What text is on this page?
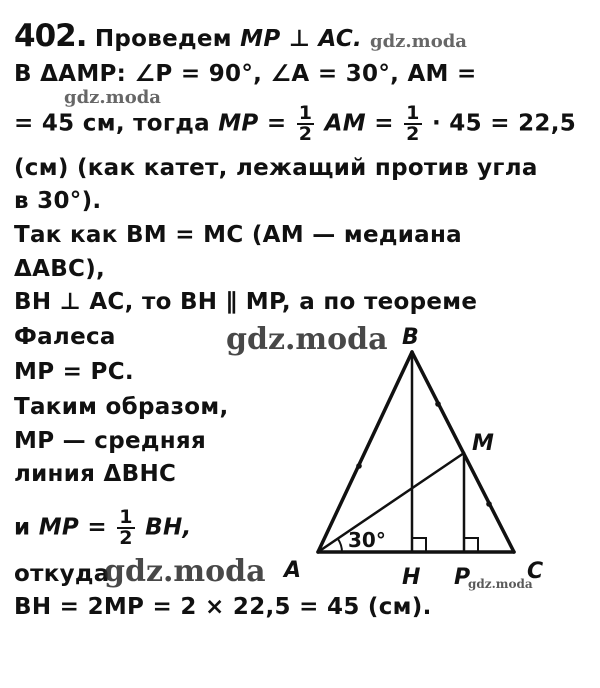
402. Проведем MP ⊥ AC.
В ΔAMP: ∠P = 90°, ∠A = 30°, AM =
= 45 см, тогда MP = $\frac{1}{2}$ AM = $\frac{1}{2} \cdot 45 = 22,5$
(см) (как катет, лежащий против угла
в 30°).
Так как BM = MC (AM — медиана
ΔABC),
BH ⊥ AC, то BH ∥ MP, а по теореме
Фалеса
MP = PC.
Таким образом,
MP — средняя
линия ΔBHC
и MP = $\frac{1}{2}$ BH,
откуда
BH = 2MP = 2 × 22,5 = 45 (см).
B
M
A	H P	C
30°
gdz.moda
gdz.moda
gdz.moda
gdz.moda	gdz.moda
